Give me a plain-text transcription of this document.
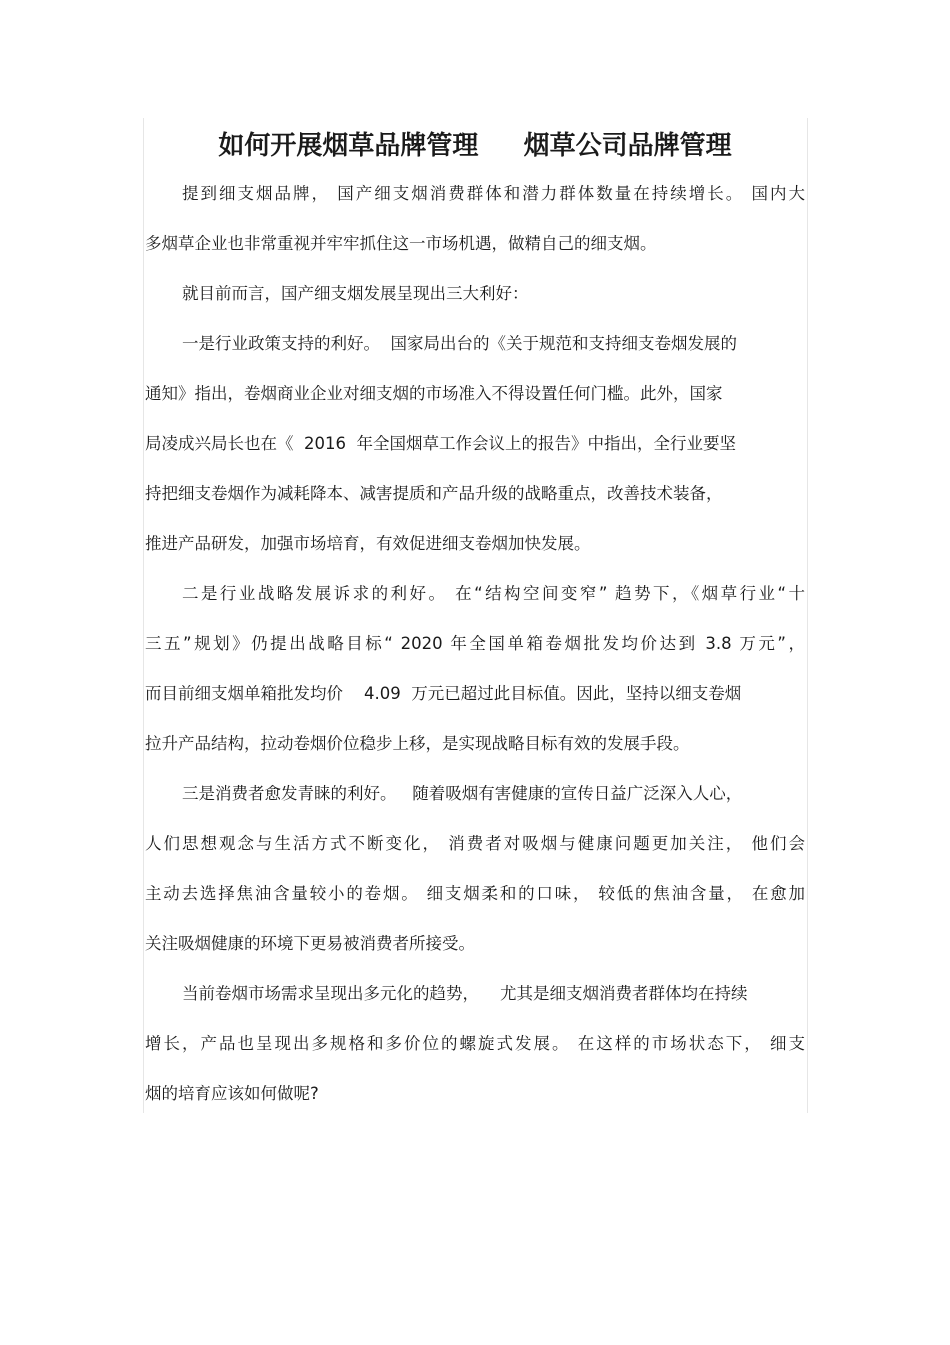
如何开展烟草品牌管理     烟草公司品牌管理

提到细支烟品牌， 国产细支烟消费群体和潜力群体数量在持续增长。 国内大

多烟草企业也非常重视并牢牢抓住这一市场机遇，做精自己的细支烟。

就目前而言，国产细支烟发展呈现出三大利好：

一是行业政策支持的利好。  国家局出台的《关于规范和支持细支卷烟发展的

通知》指出，卷烟商业企业对细支烟的市场准入不得设置任何门槛。此外，国家

局凌成兴局长也在《  2016  年全国烟草工作会议上的报告》中指出，全行业要坚

持把细支卷烟作为减耗降本、减害提质和产品升级的战略重点，改善技术装备，

推进产品研发，加强市场培育，有效促进细支卷烟加快发展。

二是行业战略发展诉求的利好。 在“结构空间变窄” 趋势下，《烟草行业“十

三五”规划》仍提出战略目标“ 2020 年全国单箱卷烟批发均价达到 3.8 万元”，

而目前细支烟单箱批发均价    4.09  万元已超过此目标值。因此，坚持以细支卷烟

拉升产品结构，拉动卷烟价位稳步上移，是实现战略目标有效的发展手段。

三是消费者愈发青睐的利好。   随着吸烟有害健康的宣传日益广泛深入人心，

人们思想观念与生活方式不断变化， 消费者对吸烟与健康问题更加关注， 他们会

主动去选择焦油含量较小的卷烟。 细支烟柔和的口味， 较低的焦油含量， 在愈加

关注吸烟健康的环境下更易被消费者所接受。

当前卷烟市场需求呈现出多元化的趋势，    尤其是细支烟消费者群体均在持续

增长，产品也呈现出多规格和多价位的螺旋式发展。 在这样的市场状态下， 细支

烟的培育应该如何做呢?
